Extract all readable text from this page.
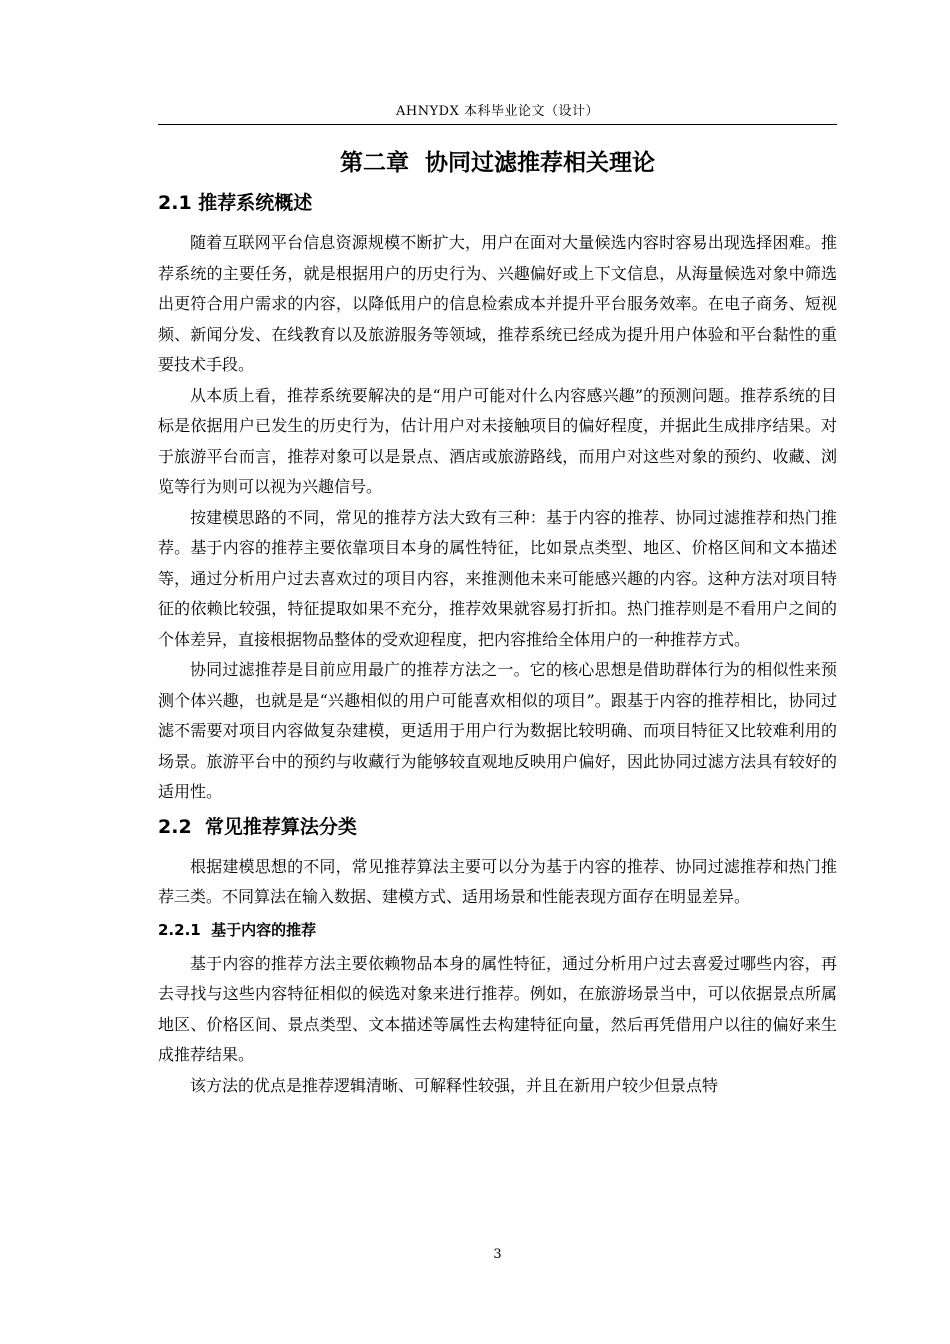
AHNYDX 本科毕业论文（设计）
第二章  协同过滤推荐相关理论
2.1 推荐系统概述

随着互联网平台信息资源规模不断扩大，用户在面对大量候选内容时容易出现选择困难。推荐系统的主要任务，就是根据用户的历史行为、兴趣偏好或上下文信息，从海量候选对象中筛选出更符合用户需求的内容，以降低用户的信息检索成本并提升平台服务效率。在电子商务、短视频、新闻分发、在线教育以及旅游服务等领域，推荐系统已经成为提升用户体验和平台黏性的重要技术手段。

从本质上看，推荐系统要解决的是“用户可能对什么内容感兴趣”的预测问题。推荐系统的目标是依据用户已发生的历史行为，估计用户对未接触项目的偏好程度，并据此生成排序结果。对于旅游平台而言，推荐对象可以是景点、酒店或旅游路线，而用户对这些对象的预约、收藏、浏览等行为则可以视为兴趣信号。

按建模思路的不同，常见的推荐方法大致有三种：基于内容的推荐、协同过滤推荐和热门推荐。基于内容的推荐主要依靠项目本身的属性特征，比如景点类型、地区、价格区间和文本描述等，通过分析用户过去喜欢过的项目内容，来推测他未来可能感兴趣的内容。这种方法对项目特征的依赖比较强，特征提取如果不充分，推荐效果就容易打折扣。热门推荐则是不看用户之间的个体差异，直接根据物品整体的受欢迎程度，把内容推给全体用户的一种推荐方式。

协同过滤推荐是目前应用最广的推荐方法之一。它的核心思想是借助群体行为的相似性来预测个体兴趣，也就是是“兴趣相似的用户可能喜欢相似的项目”。跟基于内容的推荐相比，协同过滤不需要对项目内容做复杂建模，更适用于用户行为数据比较明确、而项目特征又比较难利用的场景。旅游平台中的预约与收藏行为能够较直观地反映用户偏好，因此协同过滤方法具有较好的适用性。

2.2  常见推荐算法分类

根据建模思想的不同，常见推荐算法主要可以分为基于内容的推荐、协同过滤推荐和热门推荐三类。不同算法在输入数据、建模方式、适用场景和性能表现方面存在明显差异。

2.2.1  基于内容的推荐

基于内容的推荐方法主要依赖物品本身的属性特征，通过分析用户过去喜爱过哪些内容，再去寻找与这些内容特征相似的候选对象来进行推荐。例如，在旅游场景当中，可以依据景点所属地区、价格区间、景点类型、文本描述等属性去构建特征向量，然后再凭借用户以往的偏好来生成推荐结果。

该方法的优点是推荐逻辑清晰、可解释性较强，并且在新用户较少但景点特

3
